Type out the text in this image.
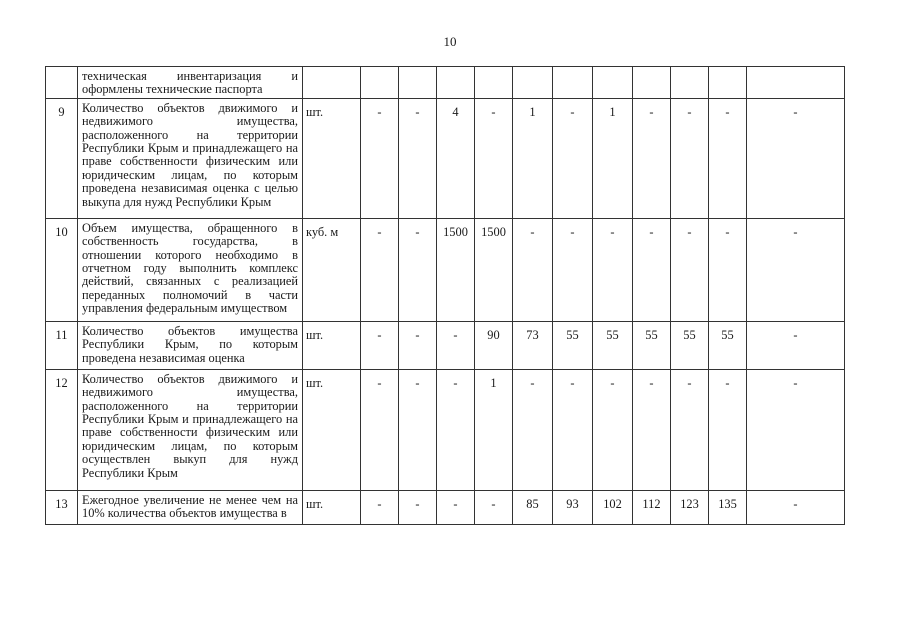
10
	техническая инвентаризация и оформлены технические паспорта												
9	Количество объектов движимого и недвижимого имущества, расположенного на территории Республики Крым и принадлежащего на праве собственности физическим или юридическим лицам, по которым проведена независимая оценка с целью выкупа для нужд Республики Крым	шт.	-	-	4	-	1	-	1	-	-	-	-
10	Объем имущества, обращенного в собственность государства, в отношении которого необходимо в отчетном году выполнить комплекс действий, связанных с реализацией переданных полномочий в части управления федеральным имуществом	куб. м	-	-	1500	1500	-	-	-	-	-	-	-
11	Количество объектов имущества Республики Крым, по которым проведена независимая оценка	шт.	-	-	-	90	73	55	55	55	55	55	-
12	Количество объектов движимого и недвижимого имущества, расположенного на территории Республики Крым и принадлежащего на праве собственности физическим или юридическим лицам, по которым осуществлен выкуп для нужд Республики Крым	шт.	-	-	-	1	-	-	-	-	-	-	-
13	Ежегодное увеличение не менее чем на 10% количества объектов имущества в	шт.	-	-	-	-	85	93	102	112	123	135	-
